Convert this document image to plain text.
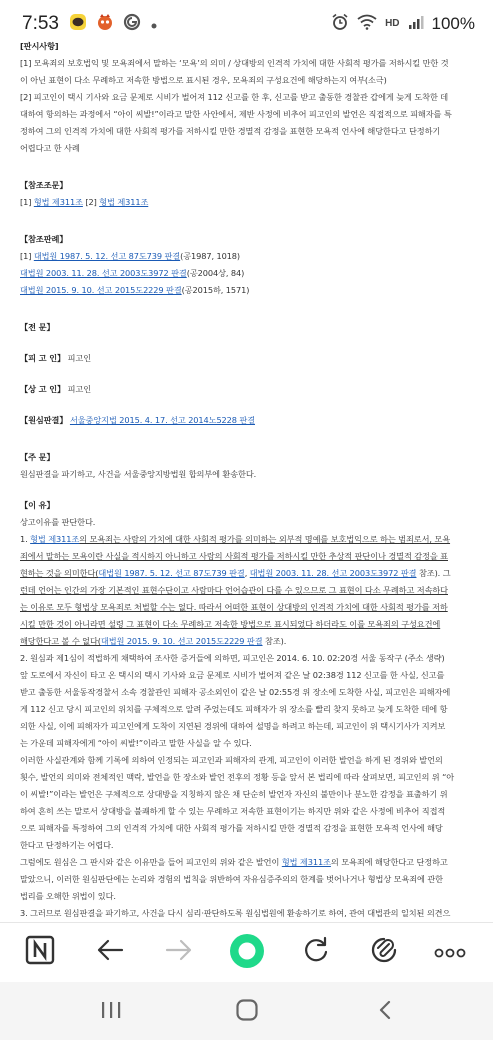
7:53	HD 100%

[판시사항]

[1] 모욕죄의 보호법익 및 모욕죄에서 말하는 ‘모욕’의 의미 / 상대방의 인격적 가치에 대한 사회적 평가를 저하시킬 만한 것

이 아닌 표현이 다소 무례하고 저속한 방법으로 표시된 경우, 모욕죄의 구성요건에 해당하는지 여부(소극)

[2] 피고인이 택시 기사와 요금 문제로 시비가 벌어져 112 신고를 한 후, 신고를 받고 출동한 경찰관 갑에게 늦게 도착한 데

대하여 항의하는 과정에서 “아이 씨발!”이라고 말한 사안에서, 제반 사정에 비추어 피고인의 발언은 직접적으로 피해자를 특

정하여 그의 인격적 가치에 대한 사회적 평가를 저하시킬 만한 경멸적 감정을 표현한 모욕적 언사에 해당한다고 단정하기

어렵다고 한 사례

【참조조문】

[1] 형법 제311조 [2] 형법 제311조

【참조판례】

[1] 대법원 1987. 5. 12. 선고 87도739 판결(공1987, 1018)

대법원 2003. 11. 28. 선고 2003도3972 판결(공2004상, 84)

대법원 2015. 9. 10. 선고 2015도2229 판결(공2015하, 1571)

【전 문】

【피 고 인】 피고인

【상 고 인】 피고인

【원심판결】 서울중앙지법 2015. 4. 17. 선고 2014노5228 판결

【주 문】

원심판결을 파기하고, 사건을 서울중앙지방법원 합의부에 환송한다.

【이 유】

상고이유를 판단한다.

1. 형법 제311조의 모욕죄는 사람의 가치에 대한 사회적 평가를 의미하는 외부적 명예를 보호법익으로 하는 범죄로서, 모욕

죄에서 말하는 모욕이란 사실을 적시하지 아니하고 사람의 사회적 평가를 저하시킬 만한 추상적 판단이나 경멸적 감정을 표

현하는 것을 의미한다(대법원 1987. 5. 12. 선고 87도739 판결, 대법원 2003. 11. 28. 선고 2003도3972 판결 참조). 그

런데 언어는 인간의 가장 기본적인 표현수단이고 사람마다 언어습관이 다를 수 있으므로 그 표현이 다소 무례하고 저속하다

는 이유로 모두 형법상 모욕죄로 처벌할 수는 없다. 따라서 어떠한 표현이 상대방의 인격적 가치에 대한 사회적 평가를 저하

시킬 만한 것이 아니라면 설령 그 표현이 다소 무례하고 저속한 방법으로 표시되었다 하더라도 이를 모욕죄의 구성요건에

해당한다고 볼 수 없다(대법원 2015. 9. 10. 선고 2015도2229 판결 참조).

2. 원심과 제1심이 적법하게 채택하여 조사한 증거들에 의하면, 피고인은 2014. 6. 10. 02:20경 서울 동작구 (주소 생략)

앞 도로에서 자신이 타고 온 택시의 택시 기사와 요금 문제로 시비가 벌어져 같은 날 02:38경 112 신고를 한 사실, 신고를

받고 출동한 서울동작경찰서 소속 경찰관인 피해자 공소외인이 같은 날 02:55경 위 장소에 도착한 사실, 피고인은 피해자에

게 112 신고 당시 피고인의 위치를 구체적으로 알려 주었는데도 피해자가 위 장소를 빨리 찾지 못하고 늦게 도착한 데에 항

의한 사실, 이에 피해자가 피고인에게 도착이 지연된 경위에 대하여 설명을 하려고 하는데, 피고인이 위 택시기사가 지켜보

는 가운데 피해자에게 “아이 씨발!”이라고 말한 사실을 알 수 있다.

이러한 사실관계와 함께 기록에 의하여 인정되는 피고인과 피해자의 관계, 피고인이 이러한 발언을 하게 된 경위와 발언의

횟수, 발언의 의미와 전체적인 맥락, 발언을 한 장소와 발언 전후의 정황 등을 앞서 본 법리에 따라 살펴보면, 피고인의 위 “아

이 씨발!”이라는 발언은 구체적으로 상대방을 지칭하지 않은 채 단순히 발언자 자신의 불만이나 분노한 감정을 표출하기 위

하여 흔히 쓰는 말로서 상대방을 불쾌하게 할 수 있는 무례하고 저속한 표현이기는 하지만 위와 같은 사정에 비추어 직접적

으로 피해자를 특정하여 그의 인격적 가치에 대한 사회적 평가를 저하시킬 만한 경멸적 감정을 표현한 모욕적 언사에 해당

한다고 단정하기는 어렵다.

그럼에도 원심은 그 판시와 같은 이유만을 들어 피고인의 위와 같은 발언이 형법 제311조의 모욕죄에 해당한다고 단정하고

말았으니, 이러한 원심판단에는 논리와 경험의 법칙을 위반하여 자유심증주의의 한계를 벗어나거나 형법상 모욕죄에 관한

법리를 오해한 위법이 있다.

3. 그러므로 원심판결을 파기하고, 사건을 다시 심리·판단하도록 원심법원에 환송하기로 하여, 관여 대법관의 일치된 의견으
